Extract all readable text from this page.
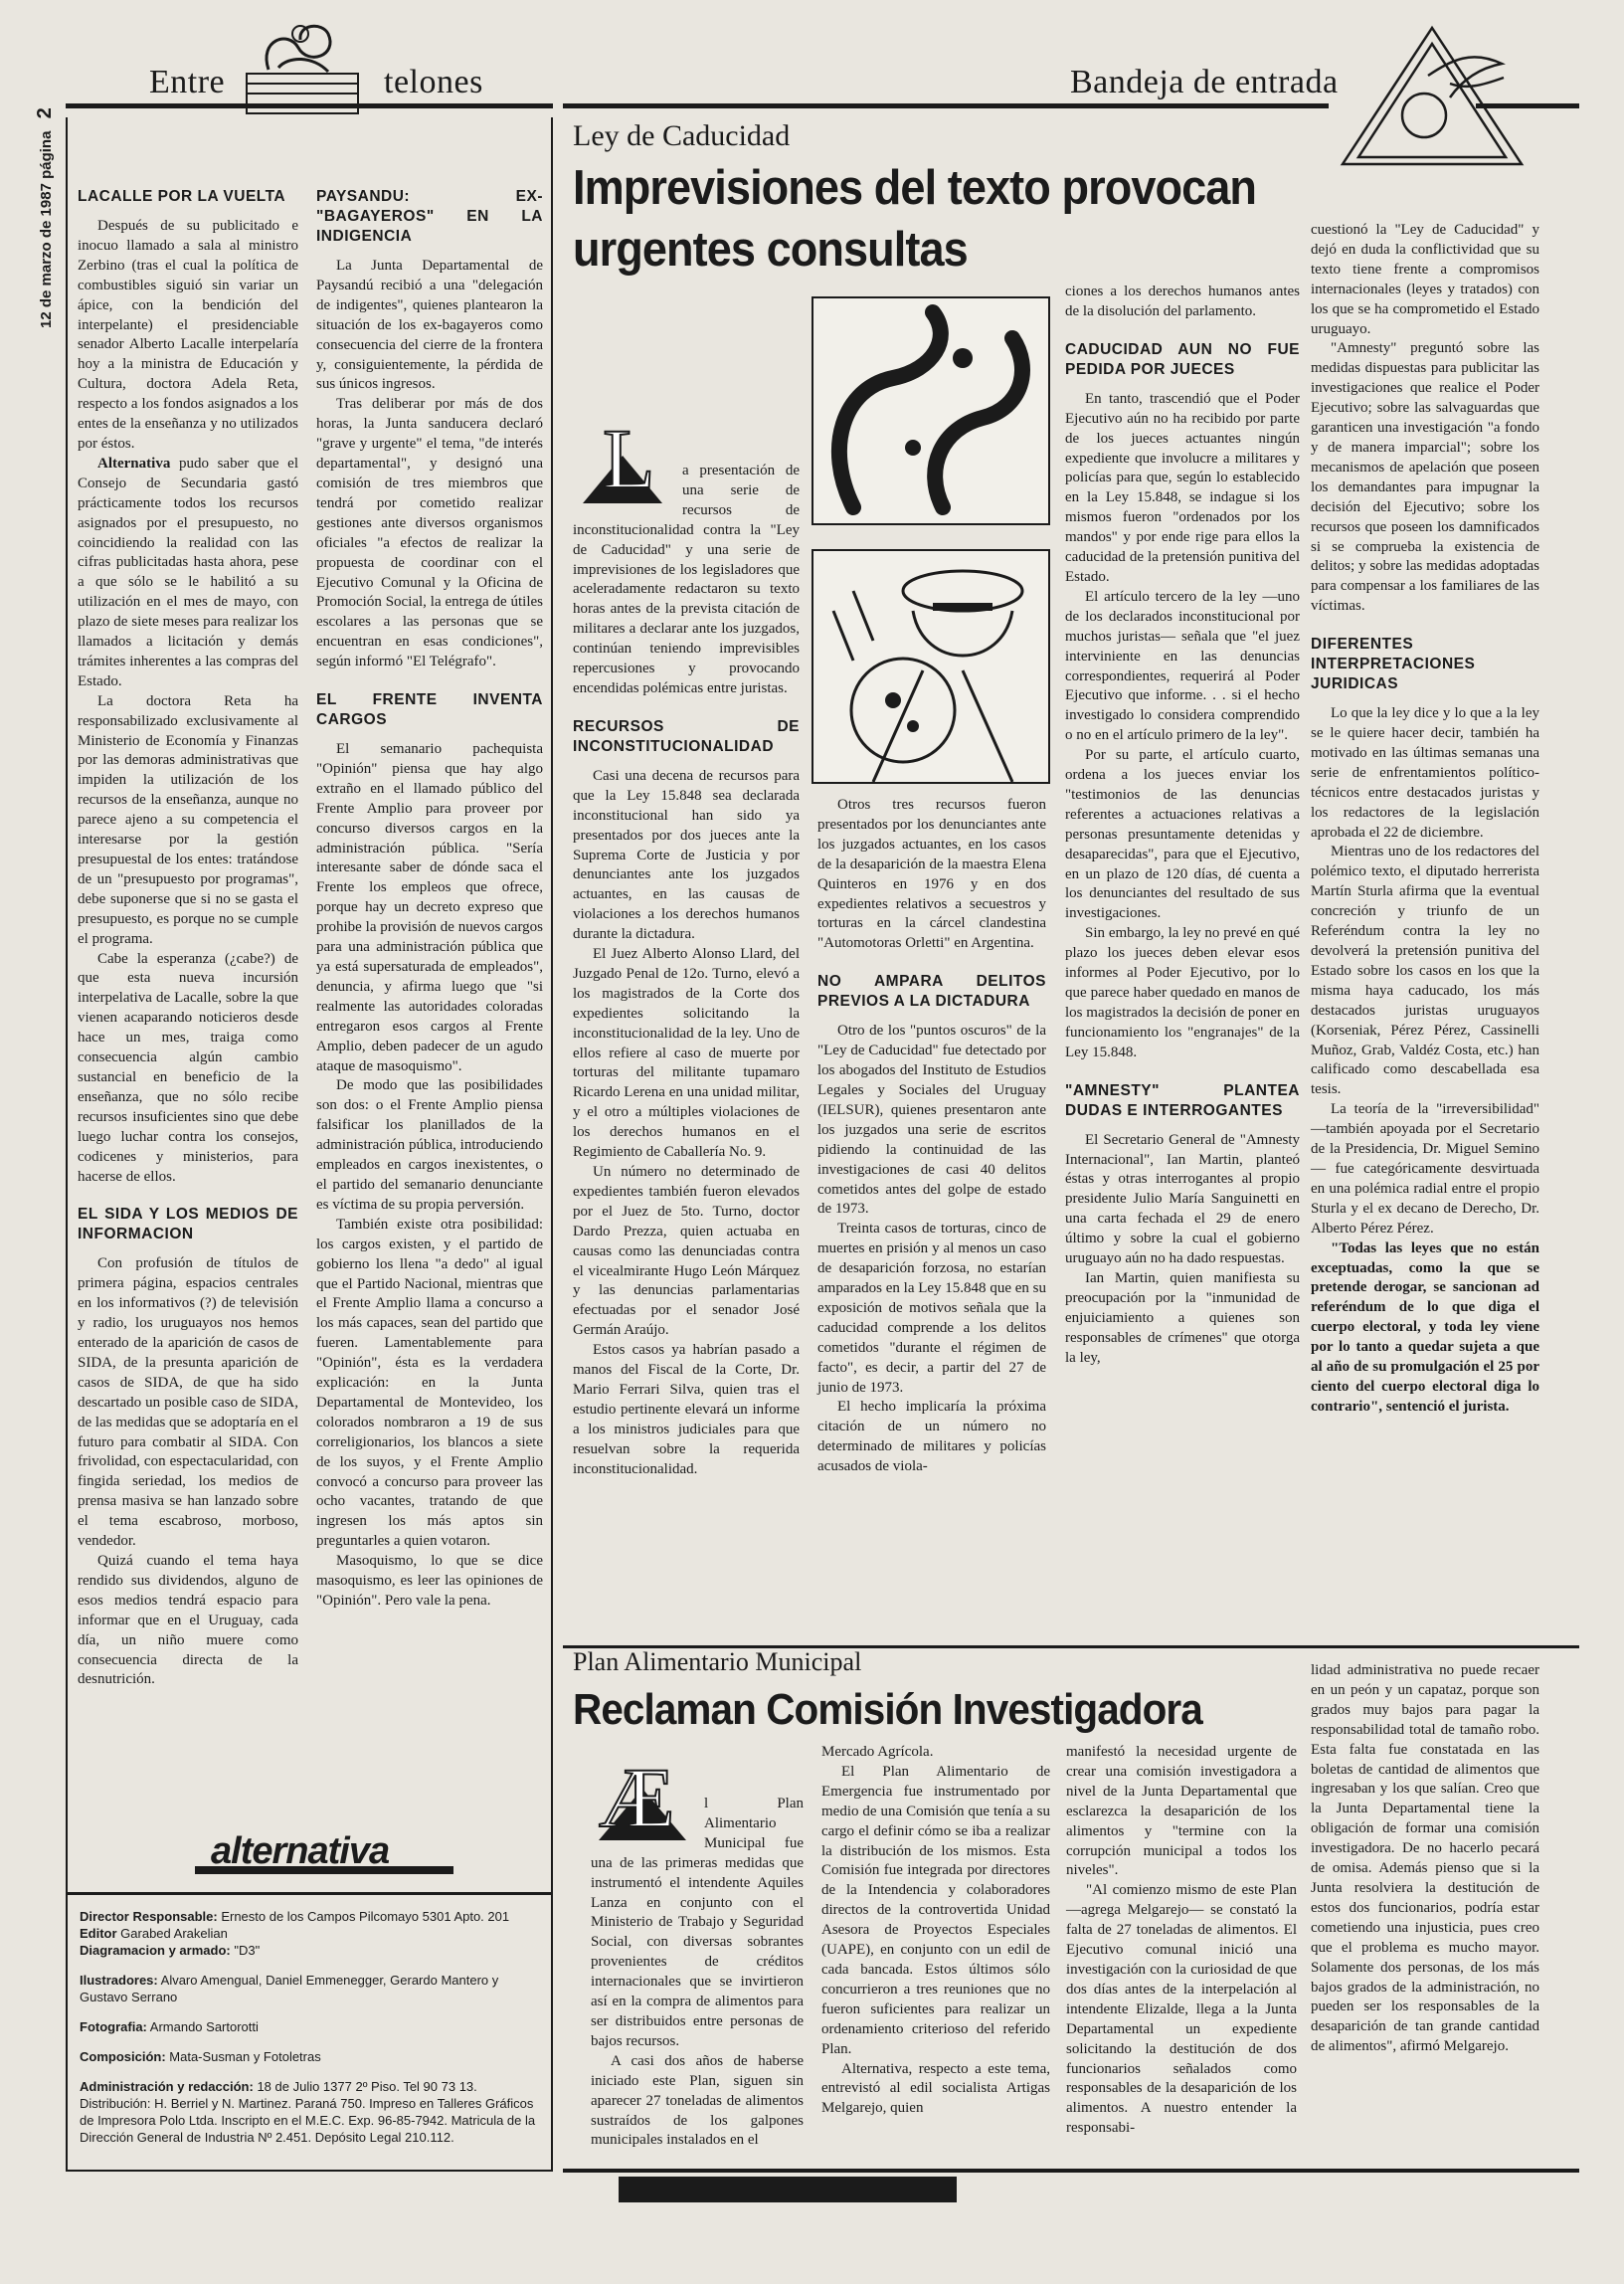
Entre	telones	Bandeja de entrada
12 de marzo de 1987 página 2

LACALLE POR LA VUELTA

Después de su publicitado e inocuo llamado a sala al ministro Zerbino (tras el cual la política de combustibles siguió sin variar un ápice, con la bendición del interpelante) el presidenciable senador Alberto Lacalle interpelaría hoy a la ministra de Educación y Cultura, doctora Adela Reta, respecto a los fondos asignados a los entes de la enseñanza y no utilizados por éstos.

Alternativa pudo saber que el Consejo de Secundaria gastó prácticamente todos los recursos asignados por el presupuesto, no coincidiendo la realidad con las cifras publicitadas hasta ahora, pese a que sólo se le habilitó a su utilización en el mes de mayo, con plazo de siete meses para realizar los llamados a licitación y demás trámites inherentes a las compras del Estado.

La doctora Reta ha responsabilizado exclusivamente al Ministerio de Economía y Finanzas por las demoras administrativas que impiden la utilización de los recursos de la enseñanza, aunque no parece ajeno a su competencia el interesarse por la gestión presupuestal de los entes: tratándose de un "presupuesto por programas", debe suponerse que si no se gasta el presupuesto, es porque no se cumple el programa.

Cabe la esperanza (¿cabe?) de que esta nueva incursión interpelativa de Lacalle, sobre la que vienen acaparando noticieros desde hace un mes, traiga como consecuencia algún cambio sustancial en beneficio de la enseñanza, que no sólo recibe recursos insuficientes sino que debe luego luchar contra los consejos, codicenes y ministerios, para hacerse de ellos.

EL SIDA Y LOS MEDIOS DE INFORMACION

Con profusión de títulos de primera página, espacios centrales en los informativos (?) de televisión y radio, los uruguayos nos hemos enterado de la aparición de casos de SIDA, de la presunta aparición de casos de SIDA, de que ha sido descartado un posible caso de SIDA, de las medidas que se adoptaría en el futuro para combatir al SIDA. Con frivolidad, con espectacularidad, con fingida seriedad, los medios de prensa masiva se han lanzado sobre el tema escabroso, morboso, vendedor.

Quizá cuando el tema haya rendido sus dividendos, alguno de esos medios tendrá espacio para informar que en el Uruguay, cada día, un niño muere como consecuencia directa de la desnutrición.

PAYSANDU: EX-"BAGAYEROS" EN LA INDIGENCIA

La Junta Departamental de Paysandú recibió a una "delegación de indigentes", quienes plantearon la situación de los ex-bagayeros como consecuencia del cierre de la frontera y, consiguientemente, la pérdida de sus únicos ingresos.

Tras deliberar por más de dos horas, la Junta sanducera declaró "grave y urgente" el tema, "de interés departamental", y designó una comisión de tres miembros que tendrá por cometido realizar gestiones ante diversos organismos oficiales "a efectos de realizar la propuesta de coordinar con el Ejecutivo Comunal y la Oficina de Promoción Social, la entrega de útiles escolares a las personas que se encuentran en esas condiciones", según informó "El Telégrafo".

EL FRENTE INVENTA CARGOS

El semanario pachequista "Opinión" piensa que hay algo extraño en el llamado público del Frente Amplio para proveer por concurso diversos cargos en la administración pública. "Sería interesante saber de dónde saca el Frente los empleos que ofrece, porque hay un decreto expreso que prohibe la provisión de nuevos cargos para una administración pública que ya está supersaturada de empleados", denuncia, y afirma luego que "si realmente las autoridades coloradas entregaron esos cargos al Frente Amplio, deben padecer de un agudo ataque de masoquismo".

De modo que las posibilidades son dos: o el Frente Amplio piensa falsificar los planillados de la administración pública, introduciendo empleados en cargos inexistentes, o el partido del semanario denunciante es víctima de su propia perversión.

También existe otra posibilidad: los cargos existen, y el partido de gobierno los llena "a dedo" al igual que el Partido Nacional, mientras que el Frente Amplio llama a concurso a los más capaces, sean del partido que fueren. Lamentablemente para "Opinión", ésta es la verdadera explicación: en la Junta Departamental de Montevideo, los colorados nombraron a 19 de sus correligionarios, los blancos a siete de los suyos, y el Frente Amplio convocó a concurso para proveer las ocho vacantes, tratando de que ingresen los más aptos sin preguntarles a quien votaron.

Masoquismo, lo que se dice masoquismo, es leer las opiniones de "Opinión". Pero vale la pena.

alternativa
Director Responsable: Ernesto de los Campos Pilcomayo 5301 Apto. 201
Editor Garabed Arakelian
Diagramacion y armado: "D3"
Ilustradores: Alvaro Amengual, Daniel Emmenegger, Gerardo Mantero y Gustavo Serrano
Fotografia: Armando Sartorotti
Composición: Mata-Susman y Fotoletras
Administración y redacción: 18 de Julio 1377 2º Piso. Tel 90 73 13. Distribución: H. Berriel y N. Martinez. Paraná 750. Impreso en Talleres Gráficos de Impresora Polo Ltda. Inscripto en el M.E.C. Exp. 96-85-7942. Matricula de la Dirección General de Industria Nº 2.451. Depósito Legal 210.112.
Ley de Caducidad
Imprevisiones del texto provocan
urgentes consultas
L	a presentación de una serie de recursos de inconstitucionalidad contra la "Ley de Caducidad" y una serie de imprevisiones de los legisladores que aceleradamente redactaron su texto horas antes de la prevista citación de militares a declarar ante los juzgados, continúan teniendo imprevisibles repercusiones y provocando encendidas polémicas entre juristas.

RECURSOS DE INCONSTITUCIONALIDAD

Casi una decena de recursos para que la Ley 15.848 sea declarada inconstitucional han sido ya presentados por dos jueces ante la Suprema Corte de Justicia y por denunciantes ante los juzgados actuantes, en las causas de violaciones a los derechos humanos durante la dictadura.

El Juez Alberto Alonso Llard, del Juzgado Penal de 12o. Turno, elevó a los magistrados de la Corte dos expedientes solicitando la inconstitucionalidad de la ley. Uno de ellos refiere al caso de muerte por torturas del militante tupamaro Ricardo Lerena en una unidad militar, y el otro a múltiples violaciones de los derechos humanos en el Regimiento de Caballería No. 9.

Un número no determinado de expedientes también fueron elevados por el Juez de 5to. Turno, doctor Dardo Prezza, quien actuaba en causas como las denunciadas contra el vicealmirante Hugo León Márquez y las denuncias parlamentarias efectuadas por el senador José Germán Araújo.

Estos casos ya habrían pasado a manos del Fiscal de la Corte, Dr. Mario Ferrari Silva, quien tras el estudio pertinente elevará un informe a los ministros judiciales para que resuelvan sobre la requerida inconstitucionalidad.

Otros tres recursos fueron presentados por los denunciantes ante los juzgados actuantes, en los casos de la desaparición de la maestra Elena Quinteros en 1976 y en dos expedientes relativos a secuestros y torturas en la cárcel clandestina "Automotoras Orletti" en Argentina.

NO AMPARA DELITOS PREVIOS A LA DICTADURA

Otro de los "puntos oscuros" de la "Ley de Caducidad" fue detectado por los abogados del Instituto de Estudios Legales y Sociales del Uruguay (IELSUR), quienes presentaron ante los juzgados una serie de escritos pidiendo la continuidad de las investigaciones de casi 40 delitos cometidos antes del golpe de estado de 1973.

Treinta casos de torturas, cinco de muertes en prisión y al menos un caso de desaparición forzosa, no estarían amparados en la Ley 15.848 que en su exposición de motivos señala que la caducidad comprende a los delitos cometidos "durante el régimen de facto", es decir, a partir del 27 de junio de 1973.

El hecho implicaría la próxima citación de un número no determinado de militares y policías acusados de viola-

ciones a los derechos humanos antes de la disolución del parlamento.

CADUCIDAD AUN NO FUE PEDIDA POR JUECES

En tanto, trascendió que el Poder Ejecutivo aún no ha recibido por parte de los jueces actuantes ningún expediente que involucre a militares y policías para que, según lo establecido en la Ley 15.848, se indague si los mismos fueron "ordenados por los mandos" y por ende rige para ellos la caducidad de la pretensión punitiva del Estado.

El artículo tercero de la ley —uno de los declarados inconstitucional por muchos juristas— señala que "el juez interviniente en las denuncias correspondientes, requerirá al Poder Ejecutivo que informe. . . si el hecho investigado lo considera comprendido o no en el artículo primero de la ley".

Por su parte, el artículo cuarto, ordena a los jueces enviar los "testimonios de las denuncias referentes a actuaciones relativas a personas presuntamente detenidas y desaparecidas", para que el Ejecutivo, en un plazo de 120 días, dé cuenta a los denunciantes del resultado de sus investigaciones.

Sin embargo, la ley no prevé en qué plazo los jueces deben elevar esos informes al Poder Ejecutivo, por lo que parece haber quedado en manos de los magistrados la decisión de poner en funcionamiento los "engranajes" de la Ley 15.848.

"AMNESTY" PLANTEA DUDAS E INTERROGANTES

El Secretario General de "Amnesty Internacional", Ian Martin, planteó éstas y otras interrogantes al propio presidente Julio María Sanguinetti en una carta fechada el 29 de enero último y sobre la cual el gobierno uruguayo aún no ha dado respuestas.

Ian Martin, quien manifiesta su preocupación por la "inmunidad de enjuiciamiento a quienes son responsables de crímenes" que otorga la ley,

cuestionó la "Ley de Caducidad" y dejó en duda la conflictividad que su texto tiene frente a compromisos internacionales (leyes y tratados) con los que se ha comprometido el Estado uruguayo.

"Amnesty" preguntó sobre las medidas dispuestas para publicitar las investigaciones que realice el Poder Ejecutivo; sobre las salvaguardas que garanticen una investigación "a fondo y de manera imparcial"; sobre los mecanismos de apelación que poseen los demandantes para impugnar la decisión del Ejecutivo; sobre los recursos que poseen los damnificados si se comprueba la existencia de delitos; y sobre las medidas adoptadas para compensar a los familiares de las víctimas.

DIFERENTES INTERPRETACIONES JURIDICAS

Lo que la ley dice y lo que a la ley se le quiere hacer decir, también ha motivado en las últimas semanas una serie de enfrentamientos político-técnicos entre destacados juristas y los redactores de la legislación aprobada el 22 de diciembre.

Mientras uno de los redactores del polémico texto, el diputado herrerista Martín Sturla afirma que la eventual concreción y triunfo de un Referéndum contra la ley no devolverá la pretensión punitiva del Estado sobre los casos en los que la misma haya caducado, los más destacados juristas uruguayos (Korseniak, Pérez Pérez, Cassinelli Muñoz, Grab, Valdéz Costa, etc.) han calificado como descabellada esa tesis.

La teoría de la "irreversibilidad" —también apoyada por el Secretario de la Presidencia, Dr. Miguel Semino— fue categóricamente desvirtuada en una polémica radial entre el propio Sturla y el ex decano de Derecho, Dr. Alberto Pérez Pérez.

"Todas las leyes que no están exceptuadas, como la que se pretende derogar, se sancionan ad referéndum de lo que diga el cuerpo electoral, y toda ley viene por lo tanto a quedar sujeta a que al año de su promulgación el 25 por ciento del cuerpo electoral diga lo contrario", sentenció el jurista.

Plan Alimentario Municipal
Reclaman Comisión Investigadora
Æ	l Plan Alimentario Municipal fue una de las primeras medidas que instrumentó el intendente Aquiles Lanza en conjunto con el Ministerio de Trabajo y Seguridad Social, con diversas sobrantes provenientes de créditos internacionales que se invirtieron así en la compra de alimentos para ser distribuidos entre personas de bajos recursos.

A casi dos años de haberse iniciado este Plan, siguen sin aparecer 27 toneladas de alimentos sustraídos de los galpones municipales instalados en el

Mercado Agrícola.

El Plan Alimentario de Emergencia fue instrumentado por medio de una Comisión que tenía a su cargo el definir cómo se iba a realizar la distribución de los mismos. Esta Comisión fue integrada por directores de la Intendencia y colaboradores directos de la controvertida Unidad Asesora de Proyectos Especiales (UAPE), en conjunto con un edil de cada bancada. Estos últimos sólo concurrieron a tres reuniones que no fueron suficientes para realizar un ordenamiento criterioso del referido Plan.

Alternativa, respecto a este tema, entrevistó al edil socialista Artigas Melgarejo, quien

manifestó la necesidad urgente de crear una comisión investigadora a nivel de la Junta Departamental que esclarezca la desaparición de los alimentos y "termine con la corrupción municipal a todos los niveles".

"Al comienzo mismo de este Plan —agrega Melgarejo— se constató la falta de 27 toneladas de alimentos. El Ejecutivo comunal inició una investigación con la curiosidad de que dos días antes de la interpelación al intendente Elizalde, llega a la Junta Departamental un expediente solicitando la destitución de dos funcionarios señalados como responsables de la desaparición de los alimentos. A nuestro entender la responsabi-

lidad administrativa no puede recaer en un peón y un capataz, porque son grados muy bajos para pagar la responsabilidad total de tamaño robo. Esta falta fue constatada en las boletas de cantidad de alimentos que ingresaban y los que salían. Creo que la Junta Departamental tiene la obligación de formar una comisión investigadora. De no hacerlo pecará de omisa. Además pienso que si la Junta resolviera la destitución de estos dos funcionarios, podría estar cometiendo una injusticia, pues creo que el problema es mucho mayor. Solamente dos personas, de los más bajos grados de la administración, no pueden ser los responsables de la desaparición de tan grande cantidad de alimentos", afirmó Melgarejo.
